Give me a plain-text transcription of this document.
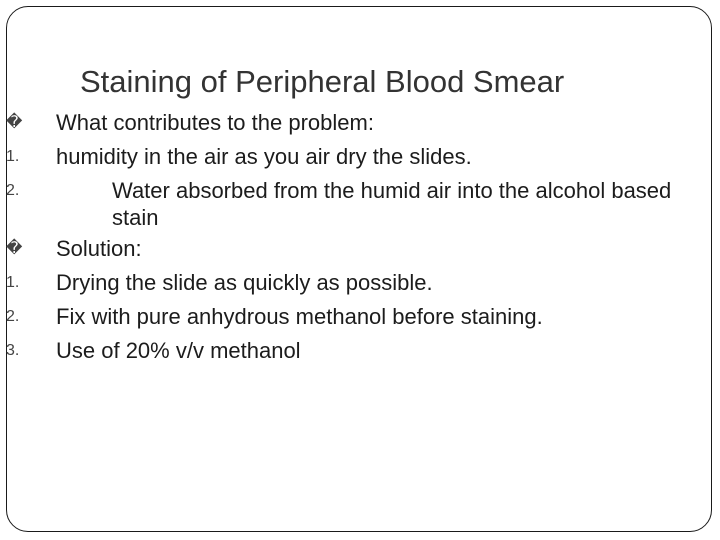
Staining of Peripheral Blood Smear
�	What contributes to the problem:
1.	humidity in the air as you air dry the slides.
2.	Water absorbed from the humid air into the alcohol based stain
�	Solution:
1.	Drying the slide as quickly as possible.
2.	Fix with pure anhydrous methanol before staining.
3.	Use of 20% v/v methanol
